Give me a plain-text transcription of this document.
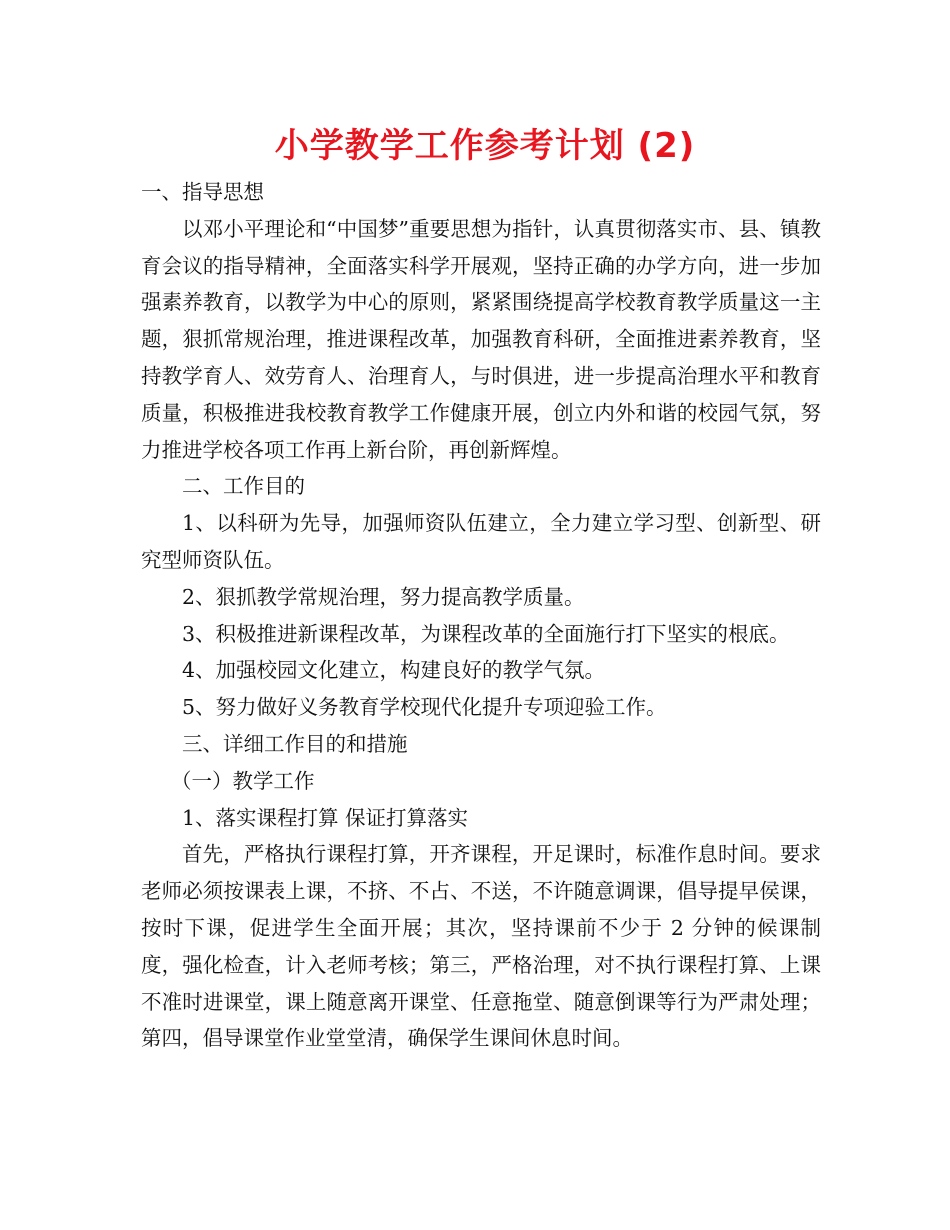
小学教学工作参考计划 (2)

一、指导思想

以邓小平理论和“中国梦”重要思想为指针，认真贯彻落实市、县、镇教育会议的指导精神，全面落实科学开展观，坚持正确的办学方向，进一步加强素养教育，以教学为中心的原则，紧紧围绕提高学校教育教学质量这一主题，狠抓常规治理，推进课程改革，加强教育科研，全面推进素养教育，坚持教学育人、效劳育人、治理育人，与时俱进，进一步提高治理水平和教育质量，积极推进我校教育教学工作健康开展，创立内外和谐的校园气氛，努力推进学校各项工作再上新台阶，再创新辉煌。

二、工作目的

1、以科研为先导，加强师资队伍建立，全力建立学习型、创新型、研究型师资队伍。

2、狠抓教学常规治理，努力提高教学质量。

3、积极推进新课程改革，为课程改革的全面施行打下坚实的根底。

4、加强校园文化建立，构建良好的教学气氛。

5、努力做好义务教育学校现代化提升专项迎验工作。

三、详细工作目的和措施

（一）教学工作

1、落实课程打算 保证打算落实

首先，严格执行课程打算，开齐课程，开足课时，标准作息时间。要求老师必须按课表上课，不挤、不占、不送，不许随意调课，倡导提早侯课，按时下课，促进学生全面开展；其次，坚持课前不少于 2 分钟的候课制度，强化检查，计入老师考核；第三，严格治理，对不执行课程打算、上课不准时进课堂，课上随意离开课堂、任意拖堂、随意倒课等行为严肃处理；第四，倡导课堂作业堂堂清，确保学生课间休息时间。
